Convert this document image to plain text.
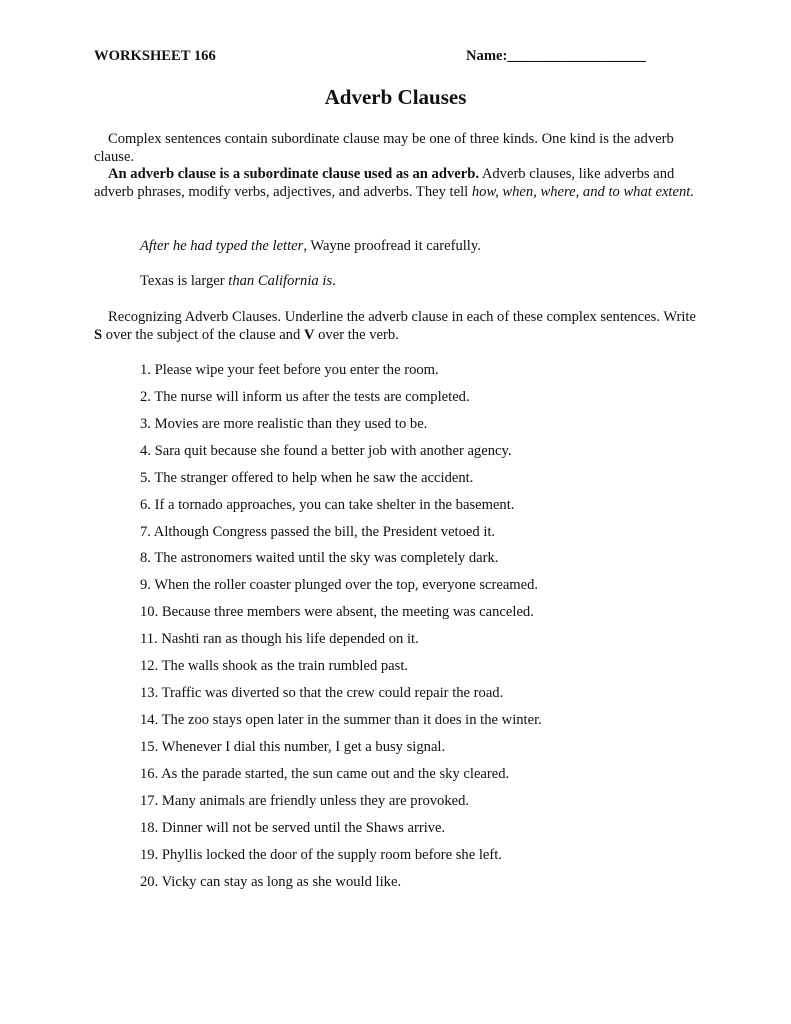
WORKSHEET 166	Name:___________________
Adverb Clauses

Complex sentences contain subordinate clause may be one of three kinds. One kind is the adverb clause.

An adverb clause is a subordinate clause used as an adverb. Adverb clauses, like adverbs and adverb phrases, modify verbs, adjectives, and adverbs. They tell how, when, where, and to what extent.

After he had typed the letter, Wayne proofread it carefully.

Texas is larger than California is.

Recognizing Adverb Clauses. Underline the adverb clause in each of these complex sentences. Write S over the subject of the clause and V over the verb.

1. Please wipe your feet before you enter the room.
2. The nurse will inform us after the tests are completed.
3. Movies are more realistic than they used to be.
4. Sara quit because she found a better job with another agency.
5. The stranger offered to help when he saw the accident.
6. If a tornado approaches, you can take shelter in the basement.
7. Although Congress passed the bill, the President vetoed it.
8. The astronomers waited until the sky was completely dark.
9. When the roller coaster plunged over the top, everyone screamed.
10. Because three members were absent, the meeting was canceled.
11. Nashti ran as though his life depended on it.
12. The walls shook as the train rumbled past.
13. Traffic was diverted so that the crew could repair the road.
14. The zoo stays open later in the summer than it does in the winter.
15. Whenever I dial this number, I get a busy signal.
16. As the parade started, the sun came out and the sky cleared.
17. Many animals are friendly unless they are provoked.
18. Dinner will not be served until the Shaws arrive.
19. Phyllis locked the door of the supply room before she left.
20. Vicky can stay as long as she would like.
